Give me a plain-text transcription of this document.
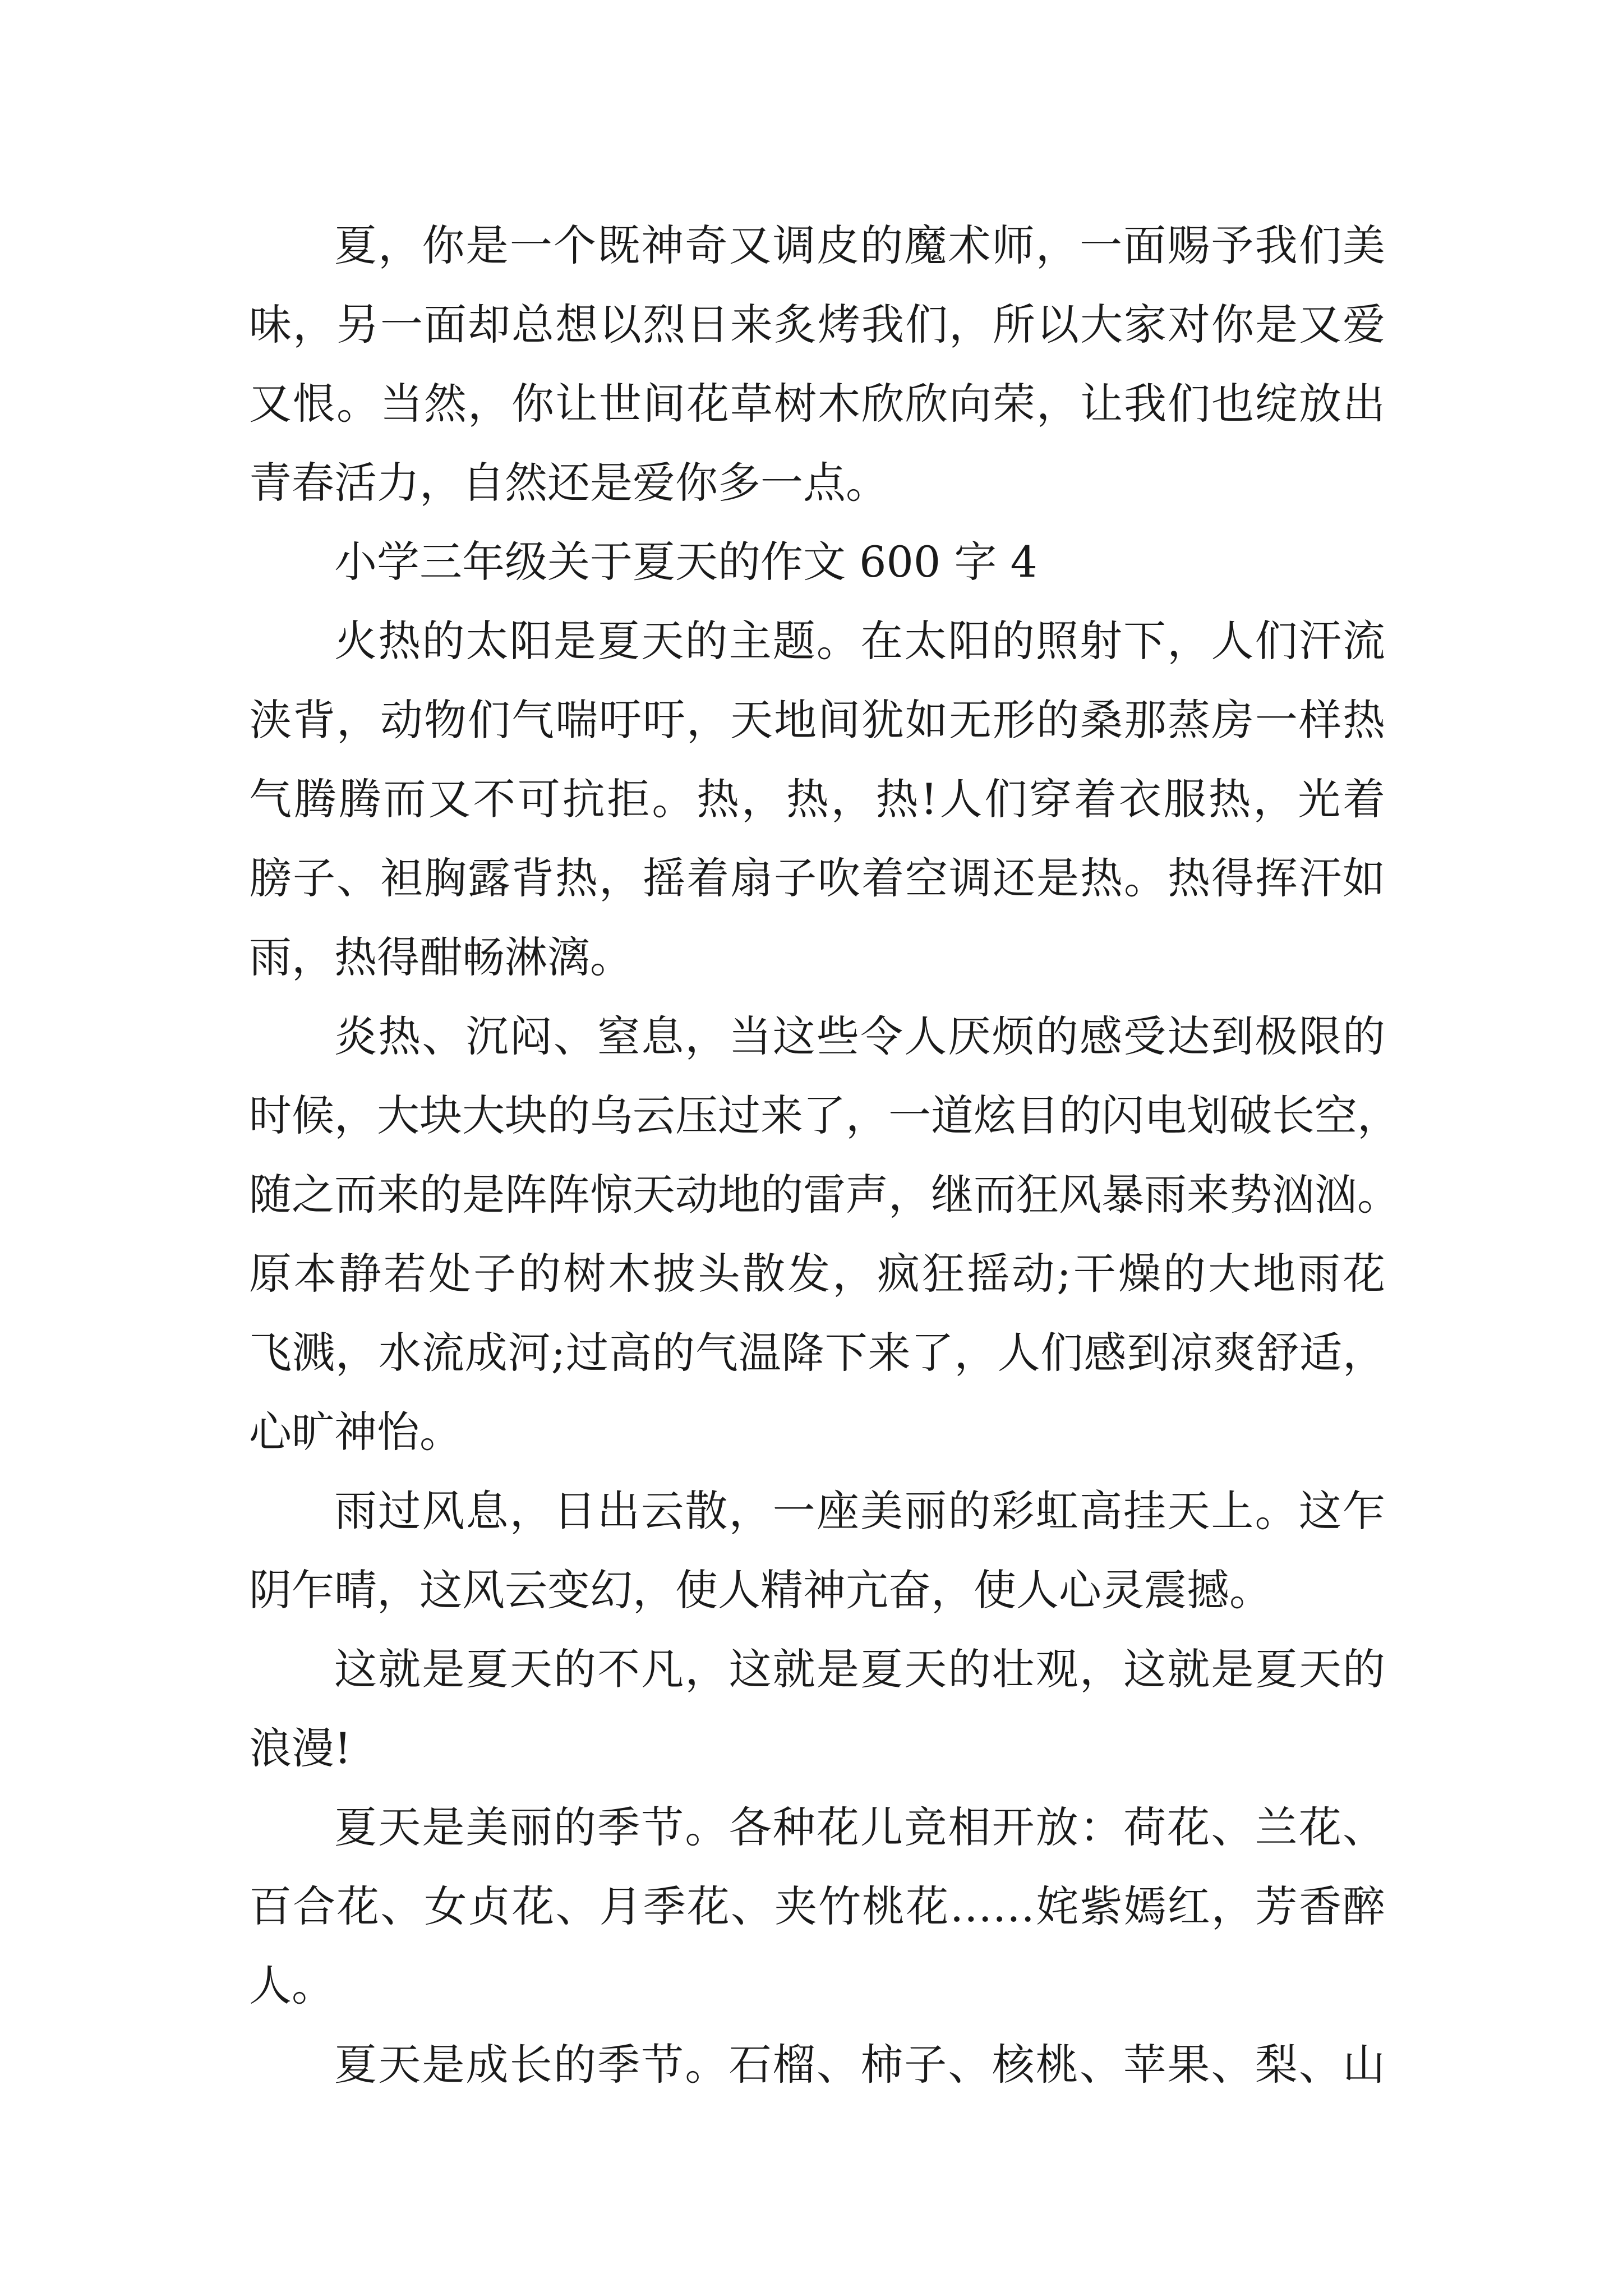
夏，你是一个既神奇又调皮的魔术师，一面赐予我们美
味，另一面却总想以烈日来炙烤我们，所以大家对你是又爱
又恨。当然，你让世间花草树木欣欣向荣，让我们也绽放出
青春活力，自然还是爱你多一点。
小学三年级关于夏天的作文 600 字 4
火热的太阳是夏天的主题。在太阳的照射下，人们汗流
浃背，动物们气喘吁吁，天地间犹如无形的桑那蒸房一样热
气腾腾而又不可抗拒。热，热，热!人们穿着衣服热，光着
膀子、袒胸露背热，摇着扇子吹着空调还是热。热得挥汗如
雨，热得酣畅淋漓。
炎热、沉闷、窒息，当这些令人厌烦的感受达到极限的
时候，大块大块的乌云压过来了，一道炫目的闪电划破长空，
随之而来的是阵阵惊天动地的雷声，继而狂风暴雨来势汹汹。
原本静若处子的树木披头散发，疯狂摇动;干燥的大地雨花
飞溅，水流成河;过高的气温降下来了，人们感到凉爽舒适，
心旷神怡。
雨过风息，日出云散，一座美丽的彩虹高挂天上。这乍
阴乍晴，这风云变幻，使人精神亢奋，使人心灵震撼。
这就是夏天的不凡，这就是夏天的壮观，这就是夏天的
浪漫!
夏天是美丽的季节。各种花儿竞相开放：荷花、兰花、
百合花、女贞花、月季花、夹竹桃花……姹紫嫣红，芳香醉
人。
夏天是成长的季节。石榴、柿子、核桃、苹果、梨、山
